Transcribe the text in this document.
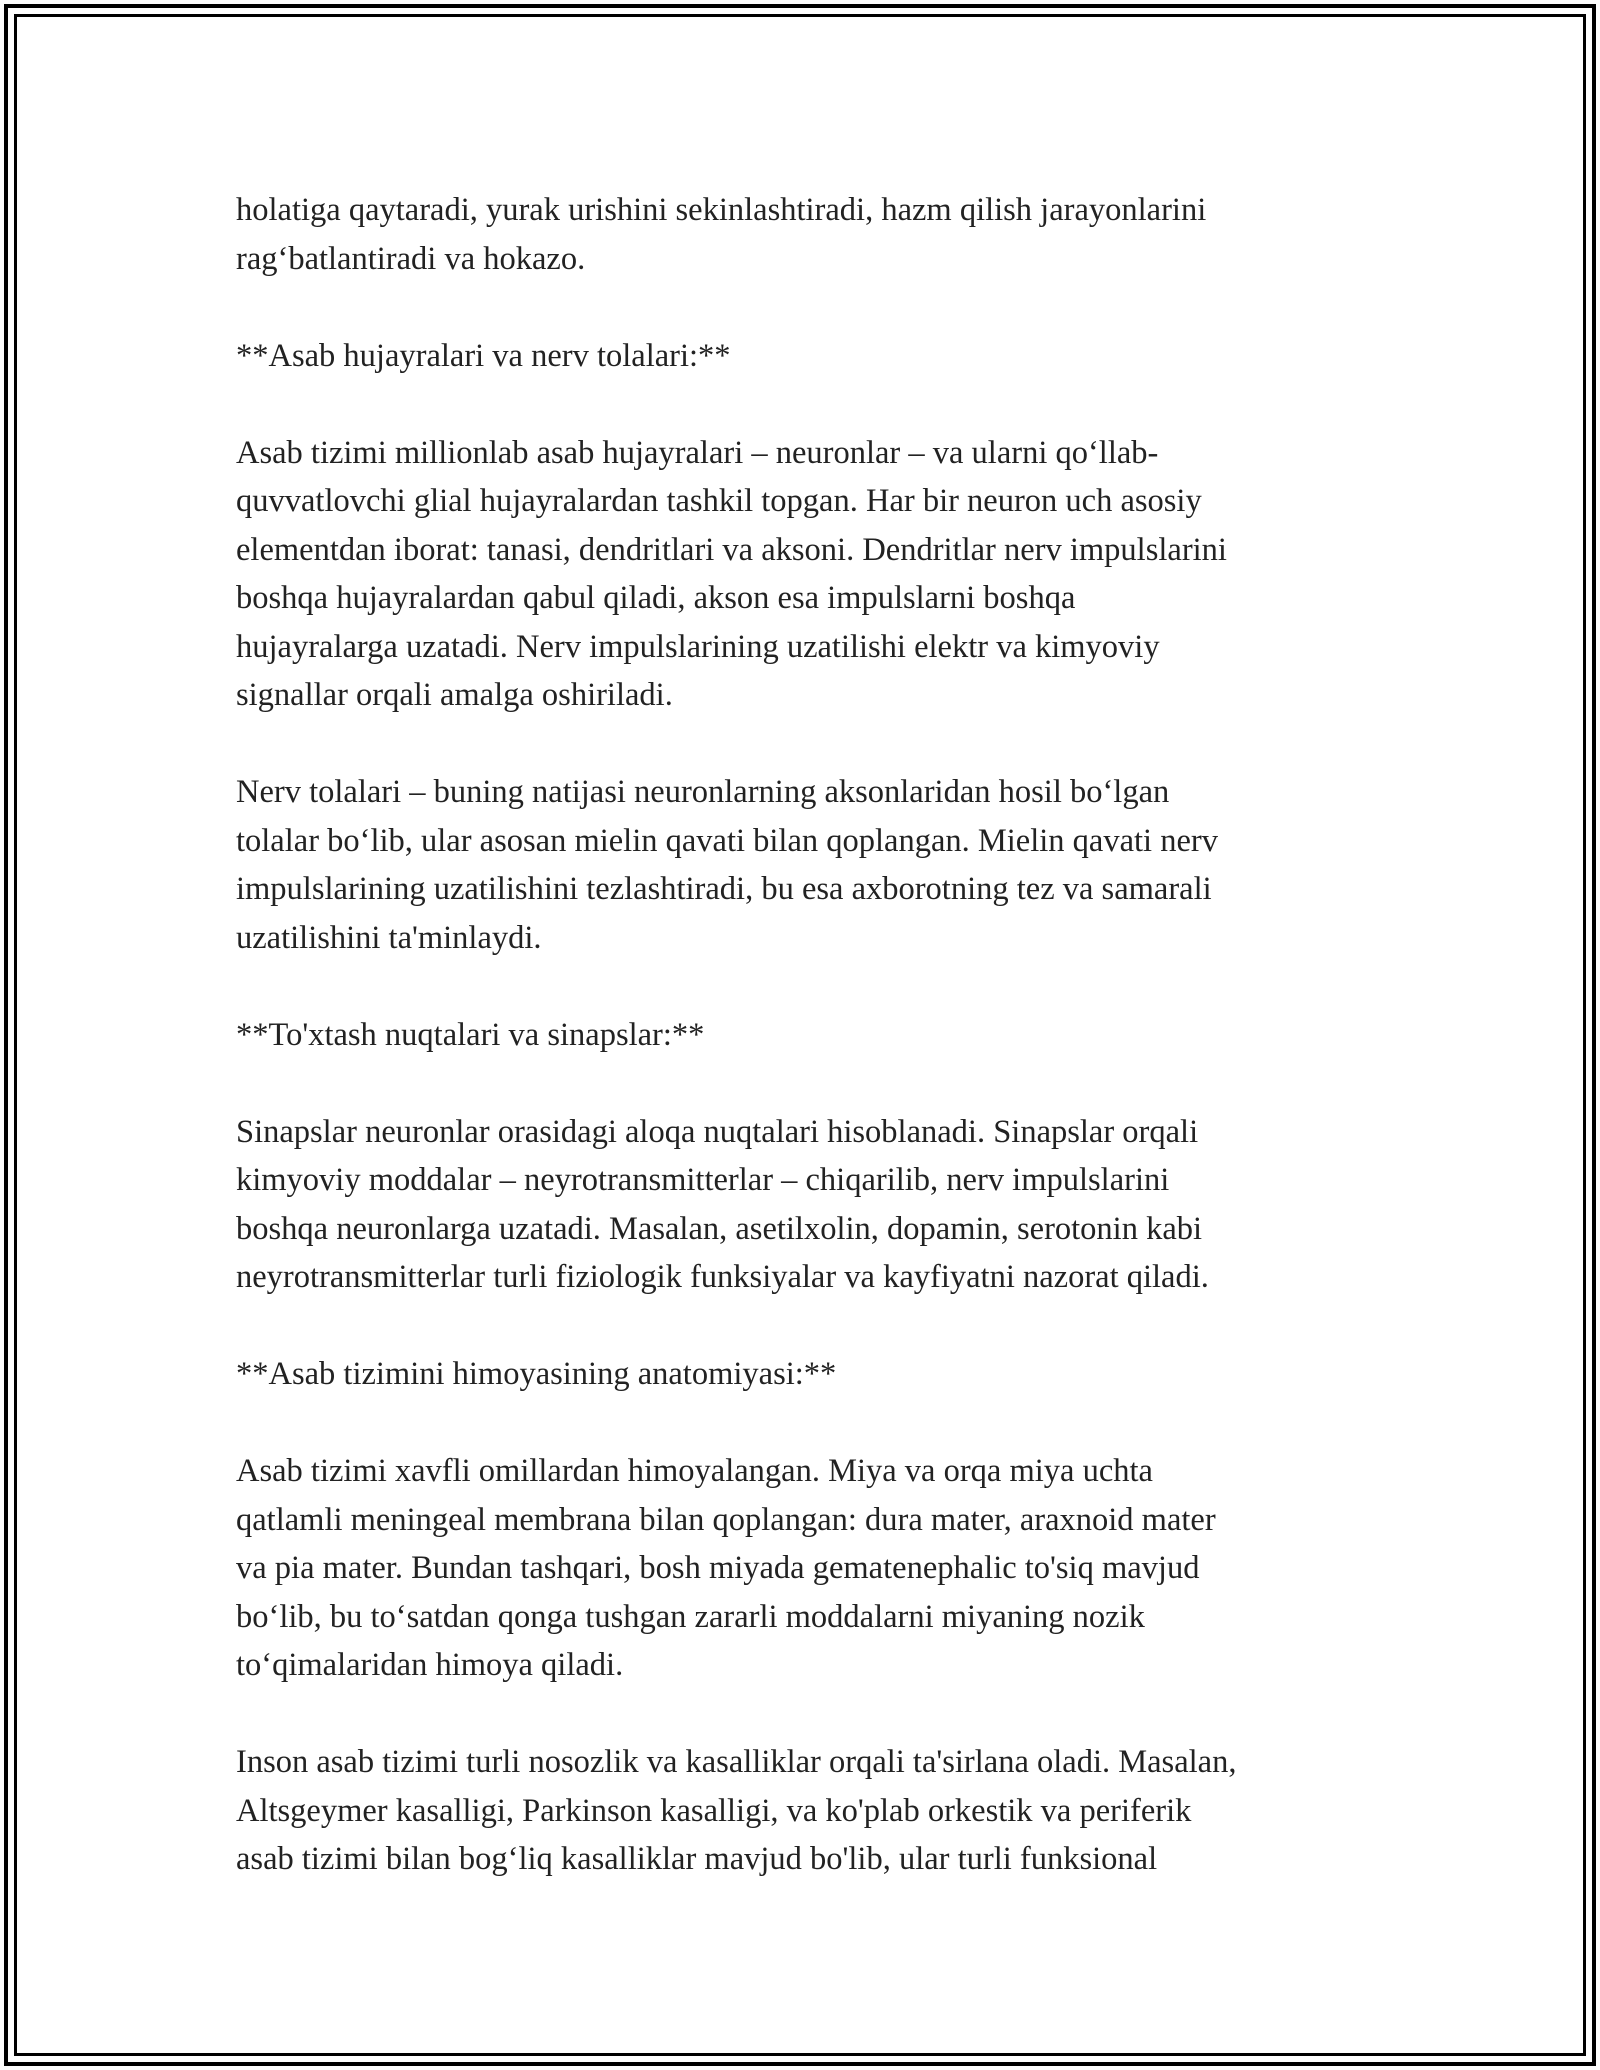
holatiga qaytaradi, yurak urishini sekinlashtiradi, hazm qilish jarayonlarini
rag‘batlantiradi va hokazo.

**Asab hujayralari va nerv tolalari:**

Asab tizimi millionlab asab hujayralari – neuronlar – va ularni qo‘llab-
quvvatlovchi glial hujayralardan tashkil topgan. Har bir neuron uch asosiy
elementdan iborat: tanasi, dendritlari va aksoni. Dendritlar nerv impulslarini
boshqa hujayralardan qabul qiladi, akson esa impulslarni boshqa
hujayralarga uzatadi. Nerv impulslarining uzatilishi elektr va kimyoviy
signallar orqali amalga oshiriladi.

Nerv tolalari – buning natijasi neuronlarning aksonlaridan hosil bo‘lgan
tolalar bo‘lib, ular asosan mielin qavati bilan qoplangan. Mielin qavati nerv
impulslarining uzatilishini tezlashtiradi, bu esa axborotning tez va samarali
uzatilishini ta'minlaydi.

**To'xtash nuqtalari va sinapslar:**

Sinapslar neuronlar orasidagi aloqa nuqtalari hisoblanadi. Sinapslar orqali
kimyoviy moddalar – neyrotransmitterlar – chiqarilib, nerv impulslarini
boshqa neuronlarga uzatadi. Masalan, asetilxolin, dopamin, serotonin kabi
neyrotransmitterlar turli fiziologik funksiyalar va kayfiyatni nazorat qiladi.

**Asab tizimini himoyasining anatomiyasi:**

Asab tizimi xavfli omillardan himoyalangan. Miya va orqa miya uchta
qatlamli meningeal membrana bilan qoplangan: dura mater, araxnoid mater
va pia mater. Bundan tashqari, bosh miyada gematenephalic to'siq mavjud
bo‘lib, bu to‘satdan qonga tushgan zararli moddalarni miyaning nozik
to‘qimalaridan himoya qiladi.

Inson asab tizimi turli nosozlik va kasalliklar orqali ta'sirlana oladi. Masalan,
Altsgeymer kasalligi, Parkinson kasalligi, va ko'plab orkestik va periferik
asab tizimi bilan bog‘liq kasalliklar mavjud bo'lib, ular turli funksional
